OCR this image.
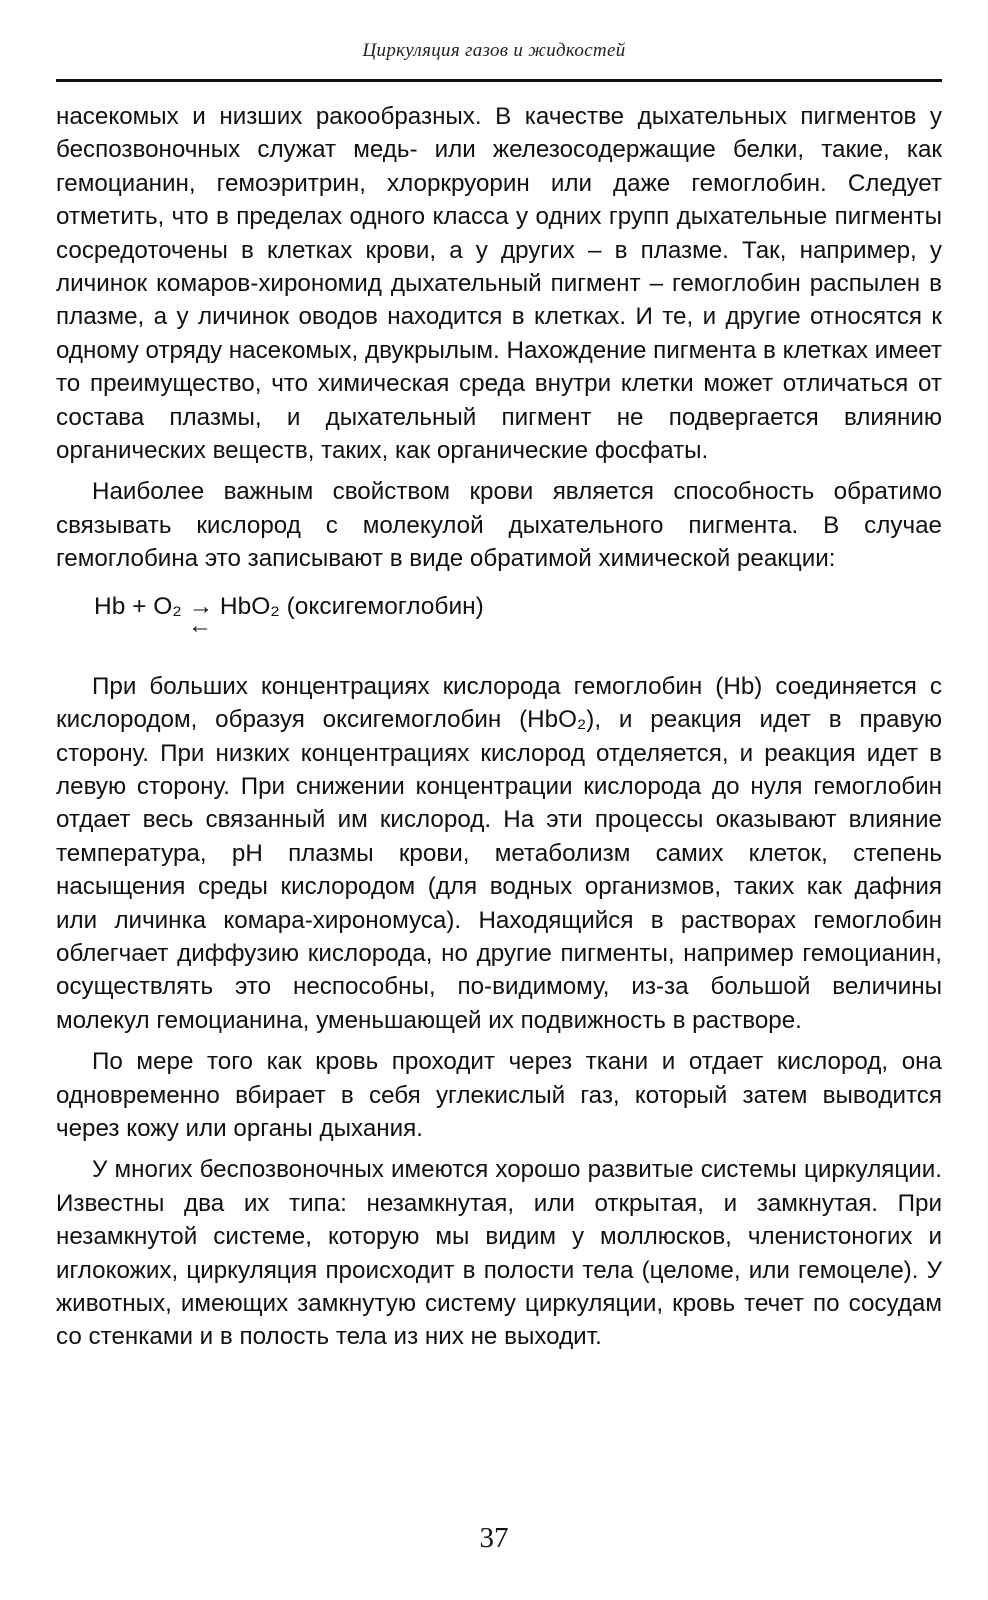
Циркуляция газов и жидкостей

насекомых и низших ракообразных. В качестве дыхательных пигментов у беспозвоночных служат медь- или железосодержащие белки, такие, как гемоцианин, гемоэритрин, хлоркруорин или даже гемоглобин. Следует отметить, что в пределах одного класса у одних групп дыхательные пигменты сосредоточены в клетках крови, а у других – в плазме. Так, например, у личинок комаров-хирономид дыхательный пигмент – гемоглобин распылен в плазме, а у личинок оводов находится в клетках. И те, и другие относятся к одному отряду насекомых, двукрылым. Нахождение пигмента в клетках имеет то преимущество, что химическая среда внутри клетки может отличаться от состава плазмы, и дыхательный пигмент не подвергается влиянию органических веществ, таких, как органические фосфаты.

Наиболее важным свойством крови является способность обратимо связывать кислород с молекулой дыхательного пигмента. В случае гемоглобина это записывают в виде обратимой химической реакции:

Hb + O₂ → HbO₂ (оксигемоглобин)
←

При больших концентрациях кислорода гемоглобин (Hb) соединяется с кислородом, образуя оксигемоглобин (HbO₂), и реакция идет в правую сторону. При низких концентрациях кислород отделяется, и реакция идет в левую сторону. При снижении концентрации кислорода до нуля гемоглобин отдает весь связанный им кислород. На эти процессы оказывают влияние температура, pH плазмы крови, метаболизм самих клеток, степень насыщения среды кислородом (для водных организмов, таких как дафния или личинка комара-хирономуса). Находящийся в растворах гемоглобин облегчает диффузию кислорода, но другие пигменты, например гемоцианин, осуществлять это неспособны, по-видимому, из-за большой величины молекул гемоцианина, уменьшающей их подвижность в растворе.

По мере того как кровь проходит через ткани и отдает кислород, она одновременно вбирает в себя углекислый газ, который затем выводится через кожу или органы дыхания.

У многих беспозвоночных имеются хорошо развитые системы циркуляции. Известны два их типа: незамкнутая, или открытая, и замкнутая. При незамкнутой системе, которую мы видим у моллюсков, членистоногих и иглокожих, циркуляция происходит в полости тела (целоме, или гемоцеле). У животных, имеющих замкнутую систему циркуляции, кровь течет по сосудам со стенками и в полость тела из них не выходит.

37
